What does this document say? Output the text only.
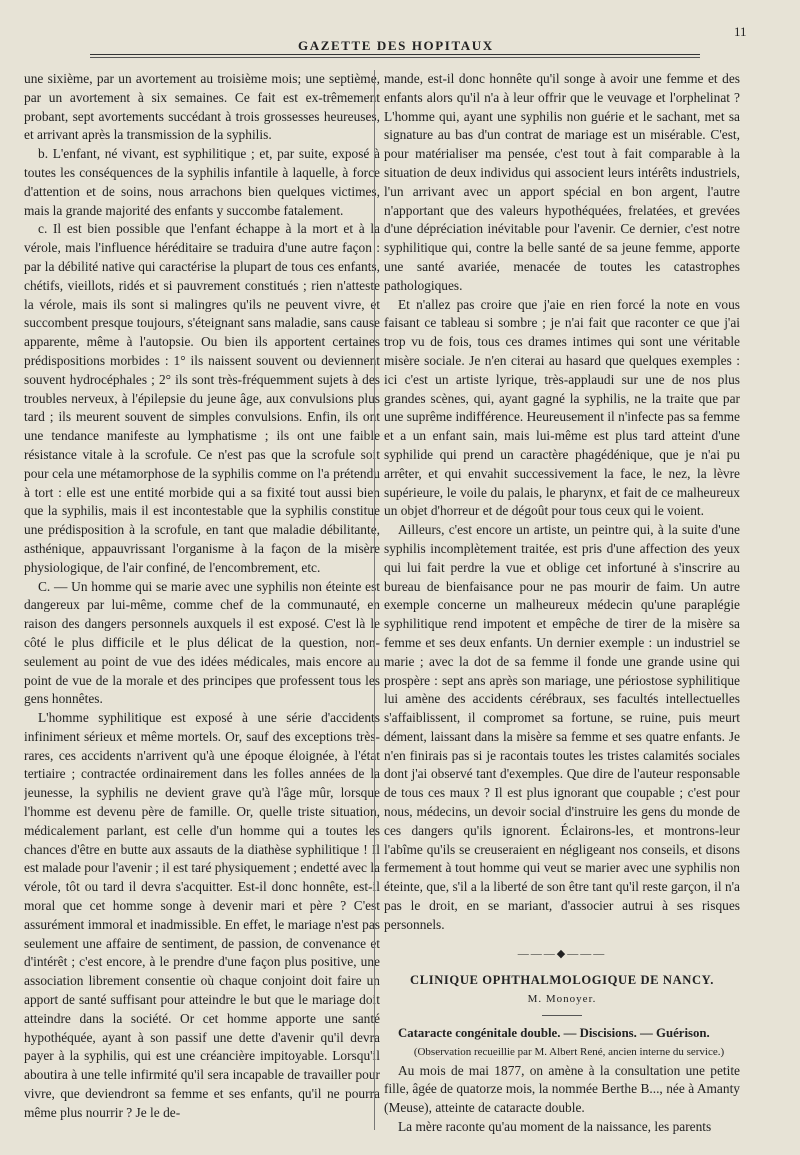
GAZETTE DES HOPITAUX
11

une sixième, par un avortement au troisième mois; une septième, par un avortement à six semaines. Ce fait est ex-trêmement probant, sept avortements succédant à trois grossesses heureuses, et arrivant après la transmission de la syphilis.

b. L'enfant, né vivant, est syphilitique ; et, par suite, exposé à toutes les conséquences de la syphilis infantile à laquelle, à force d'attention et de soins, nous arrachons bien quelques victimes, mais la grande majorité des enfants y succombe fatalement.

c. Il est bien possible que l'enfant échappe à la mort et à la vérole, mais l'influence héréditaire se traduira d'une autre façon : par la débilité native qui caractérise la plupart de tous ces enfants, chétifs, vieillots, ridés et si pauvrement constitués ; rien n'atteste la vérole, mais ils sont si malingres qu'ils ne peuvent vivre, et succombent presque toujours, s'éteignant sans maladie, sans cause apparente, même à l'autopsie. Ou bien ils apportent certaines prédispositions morbides : 1° ils naissent souvent ou deviennent souvent hydrocéphales ; 2° ils sont très-fréquemment sujets à des troubles nerveux, à l'épilepsie du jeune âge, aux convulsions plus tard ; ils meurent souvent de simples convulsions. Enfin, ils ont une tendance manifeste au lymphatisme ; ils ont une faible résistance vitale à la scrofule. Ce n'est pas que la scrofule soit pour cela une métamorphose de la syphilis comme on l'a prétendu à tort : elle est une entité morbide qui a sa fixité tout aussi bien que la syphilis, mais il est incontestable que la syphilis constitue une prédisposition à la scrofule, en tant que maladie débilitante, asthénique, appauvrissant l'organisme à la façon de la misère physiologique, de l'air confiné, de l'encombrement, etc.

C. — Un homme qui se marie avec une syphilis non éteinte est dangereux par lui-même, comme chef de la communauté, en raison des dangers personnels auxquels il est exposé. C'est là le côté le plus difficile et le plus délicat de la question, non-seulement au point de vue des idées médicales, mais encore au point de vue de la morale et des principes que professent tous les gens honnêtes.

L'homme syphilitique est exposé à une série d'accidents infiniment sérieux et même mortels. Or, sauf des exceptions très-rares, ces accidents n'arrivent qu'à une époque éloignée, à l'état tertiaire ; contractée ordinairement dans les folles années de la jeunesse, la syphilis ne devient grave qu'à l'âge mûr, lorsque l'homme est devenu père de famille. Or, quelle triste situation, médicalement parlant, est celle d'un homme qui a toutes les chances d'être en butte aux assauts de la diathèse syphilitique ! Il est malade pour l'avenir ; il est taré physiquement ; endetté avec la vérole, tôt ou tard il devra s'acquitter. Est-il donc honnête, est-il moral que cet homme songe à devenir mari et père ? C'est assurément immoral et inadmissible. En effet, le mariage n'est pas seulement une affaire de sentiment, de passion, de convenance et d'intérêt ; c'est encore, à le prendre d'une façon plus positive, une association librement consentie où chaque conjoint doit faire un apport de santé suffisant pour atteindre le but que le mariage doit atteindre dans la société. Or cet homme apporte une santé hypothéquée, ayant à son passif une dette d'avenir qu'il devra payer à la syphilis, qui est une créancière impitoyable. Lorsqu'il aboutira à une telle infirmité qu'il sera incapable de travailler pour vivre, que deviendront sa femme et ses enfants, qu'il ne pourra même plus nourrir ? Je le de-

mande, est-il donc honnête qu'il songe à avoir une femme et des enfants alors qu'il n'a à leur offrir que le veuvage et l'orphelinat ? L'homme qui, ayant une syphilis non guérie et le sachant, met sa signature au bas d'un contrat de mariage est un misérable. C'est, pour matérialiser ma pensée, c'est tout à fait comparable à la situation de deux individus qui associent leurs intérêts industriels, l'un arrivant avec un apport spécial en bon argent, l'autre n'apportant que des valeurs hypothéquées, frelatées, et grevées d'une dépréciation inévitable pour l'avenir. Ce dernier, c'est notre syphilitique qui, contre la belle santé de sa jeune femme, apporte une santé avariée, menacée de toutes les catastrophes pathologiques.

Et n'allez pas croire que j'aie en rien forcé la note en vous faisant ce tableau si sombre ; je n'ai fait que raconter ce que j'ai trop vu de fois, tous ces drames intimes qui sont une véritable misère sociale. Je n'en citerai au hasard que quelques exemples : ici c'est un artiste lyrique, très-applaudi sur une de nos plus grandes scènes, qui, ayant gagné la syphilis, ne la traite que par une suprême indifférence. Heureusement il n'infecte pas sa femme et a un enfant sain, mais lui-même est plus tard atteint d'une syphilide qui prend un caractère phagédénique, que je n'ai pu arrêter, et qui envahit successivement la face, le nez, la lèvre supérieure, le voile du palais, le pharynx, et fait de ce malheureux un objet d'horreur et de dégoût pour tous ceux qui le voient.

Ailleurs, c'est encore un artiste, un peintre qui, à la suite d'une syphilis incomplètement traitée, est pris d'une affection des yeux qui lui fait perdre la vue et oblige cet infortuné à s'inscrire au bureau de bienfaisance pour ne pas mourir de faim. Un autre exemple concerne un malheureux médecin qu'une paraplégie syphilitique rend impotent et empêche de tirer de la misère sa femme et ses deux enfants. Un dernier exemple : un industriel se marie ; avec la dot de sa femme il fonde une grande usine qui prospère : sept ans après son mariage, une périostose syphilitique lui amène des accidents cérébraux, ses facultés intellectuelles s'affaiblissent, il compromet sa fortune, se ruine, puis meurt dément, laissant dans la misère sa femme et ses quatre enfants. Je n'en finirais pas si je racontais toutes les tristes calamités sociales dont j'ai observé tant d'exemples. Que dire de l'auteur responsable de tous ces maux ? Il est plus ignorant que coupable ; c'est pour nous, médecins, un devoir social d'instruire les gens du monde de ces dangers qu'ils ignorent. Éclairons-les, et montrons-leur l'abîme qu'ils se creuseraient en négligeant nos conseils, et disons fermement à tout homme qui veut se marier avec une syphilis non éteinte, que, s'il a la liberté de son être tant qu'il reste garçon, il n'a pas le droit, en se mariant, d'associer autrui à ses risques personnels.

———◆———
CLINIQUE OPHTHALMOLOGIQUE DE NANCY.
M. Monoyer.

Cataracte congénitale double. — Discisions. — Guérison.

(Observation recueillie par M. Albert René, ancien interne du service.)

Au mois de mai 1877, on amène à la consultation une petite fille, âgée de quatorze mois, la nommée Berthe B..., née à Amanty (Meuse), atteinte de cataracte double.

La mère raconte qu'au moment de la naissance, les parents
